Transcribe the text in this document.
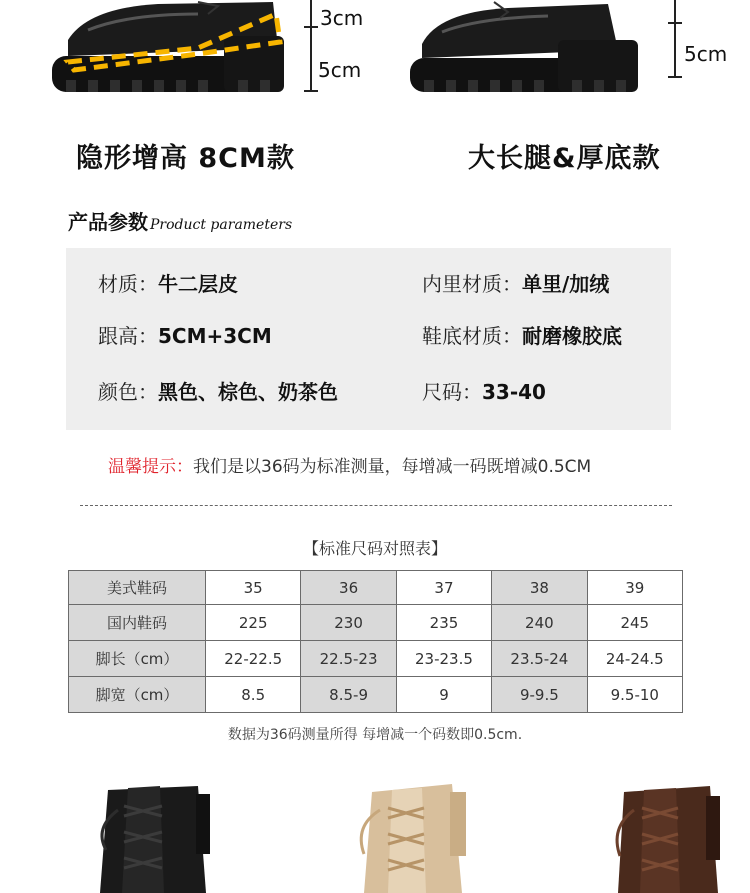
3cm
5cm
5cm
隐形增高 8CM款	大长腿&厚底款
产品参数 Product parameters
材质：牛二层皮	内里材质：单里/加绒
跟高：5CM+3CM	鞋底材质：耐磨橡胶底
颜色：黑色、棕色、奶茶色	尺码：33-40
温馨提示：我们是以36码为标准测量，每增减一码既增减0.5CM
【标准尺码对照表】
美式鞋码	35	36	37	38	39
国内鞋码	225	230	235	240	245
脚长（cm）	22-22.5	22.5-23	23-23.5	23.5-24	24-24.5
脚宽（cm）	8.5	8.5-9	9	9-9.5	9.5-10
数据为36码测量所得 每增减一个码数即0.5cm.
